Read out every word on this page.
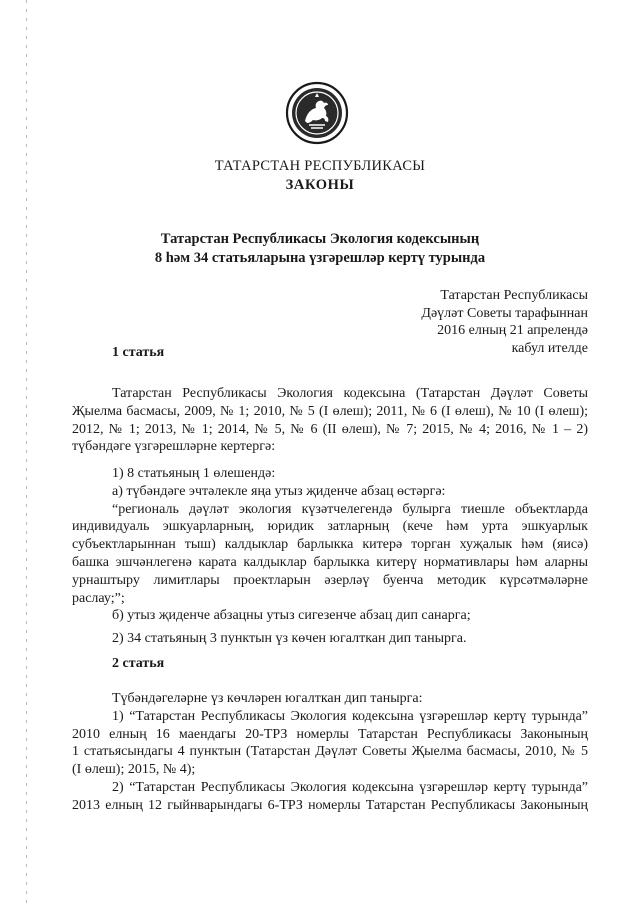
ТАТАРСТАН РЕСПУБЛИКАСЫ
ЗАКОНЫ
Татарстан Республикасы Экология кодексының
8 һәм 34 статьяларына үзгәрешләр кертү турында
Татарстан Республикасы
Дәүләт Советы тарафыннан
2016 елның 21 апрелендә
кабул ителде
1 статья
Татарстан Республикасы Экология кодексына (Татарстан Дәүләт Советы
Җыелма басмасы, 2009, № 1; 2010, № 5 (I өлеш); 2011, № 6 (I өлеш), № 10 (I өлеш);
2012, № 1; 2013, № 1; 2014, № 5, № 6 (II өлеш), № 7; 2015, № 4; 2016, № 1 – 2)
түбәндәге үзгәрешләрне кертергә:
1) 8 статьяның 1 өлешендә:
а) түбәндәге эчтәлекле яңа утыз җиденче абзац өстәргә:
“региональ дәүләт экология күзәтчелегендә булырга тиешле объектларда
индивидуаль эшкуарларның, юридик затларның (кече һәм урта эшкуарлык
субъектларыннан тыш) калдыклар барлыкка китерә торган хуҗалык һәм (яисә)
башка эшчәнлегенә карата калдыклар барлыкка китерү нормативлары һәм аларны
урнаштыру лимитлары проектларын әзерләү буенча методик күрсәтмәләрне
раслау;”;
б) утыз җиденче абзацны утыз сигезенче абзац дип санарга;
2) 34 статьяның 3 пунктын үз көчен югалткан дип танырга.
2 статья
Түбәндәгеләрне үз көчләрен югалткан дип танырга:
1) “Татарстан Республикасы Экология кодексына үзгәрешләр кертү турында”
2010 елның 16 маендагы 20-ТРЗ номерлы Татарстан Республикасы Законының
1 статьясындагы 4 пунктын (Татарстан Дәүләт Советы Җыелма басмасы, 2010, № 5
(I өлеш); 2015, № 4);
2) “Татарстан Республикасы Экология кодексына үзгәрешләр кертү турында”
2013 елның 12 гыйнварындагы 6-ТРЗ номерлы Татарстан Республикасы Законының
